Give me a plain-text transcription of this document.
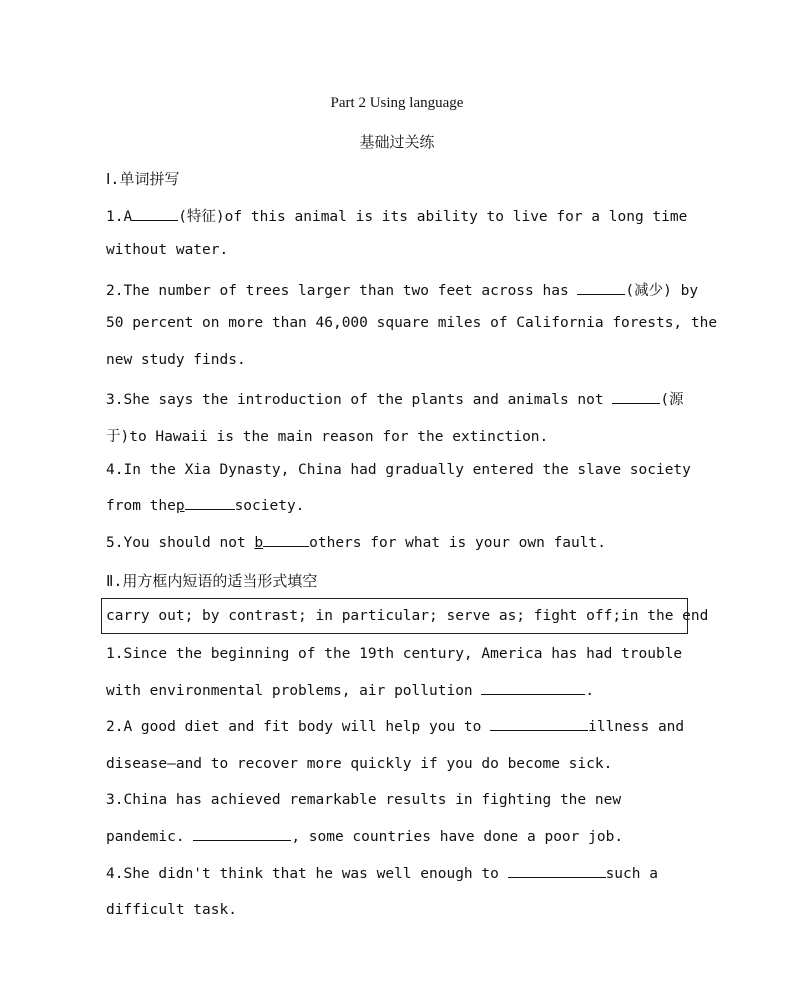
Part 2 Using language
基础过关练
Ⅰ.单词拼写
1.A	(特征)of this animal is its ability to live for a long time
without water.
2.The number of trees larger than two feet across has	(减少) by
50 percent on more than 46,000 square miles of California forests, the
new study finds.
3.She says the introduction of the plants and animals not	(源
于)to Hawaii is the main reason for the extinction.
4.In the Xia Dynasty, China had gradually entered the slave society
from thep	society.
5.You should not b	others for what is your own fault.
Ⅱ.用方框内短语的适当形式填空
carry out; by contrast; in particular; serve as; fight off;in the end
1.Since the beginning of the 19th century, America has had trouble
with environmental problems, air pollution	.
2.A good diet and fit body will help you to	illness and
disease—and to recover more quickly if you do become sick.
3.China has achieved remarkable results in fighting the new
pandemic.	, some countries have done a poor job.
4.She didn't think that he was well enough to	such a
difficult task.
